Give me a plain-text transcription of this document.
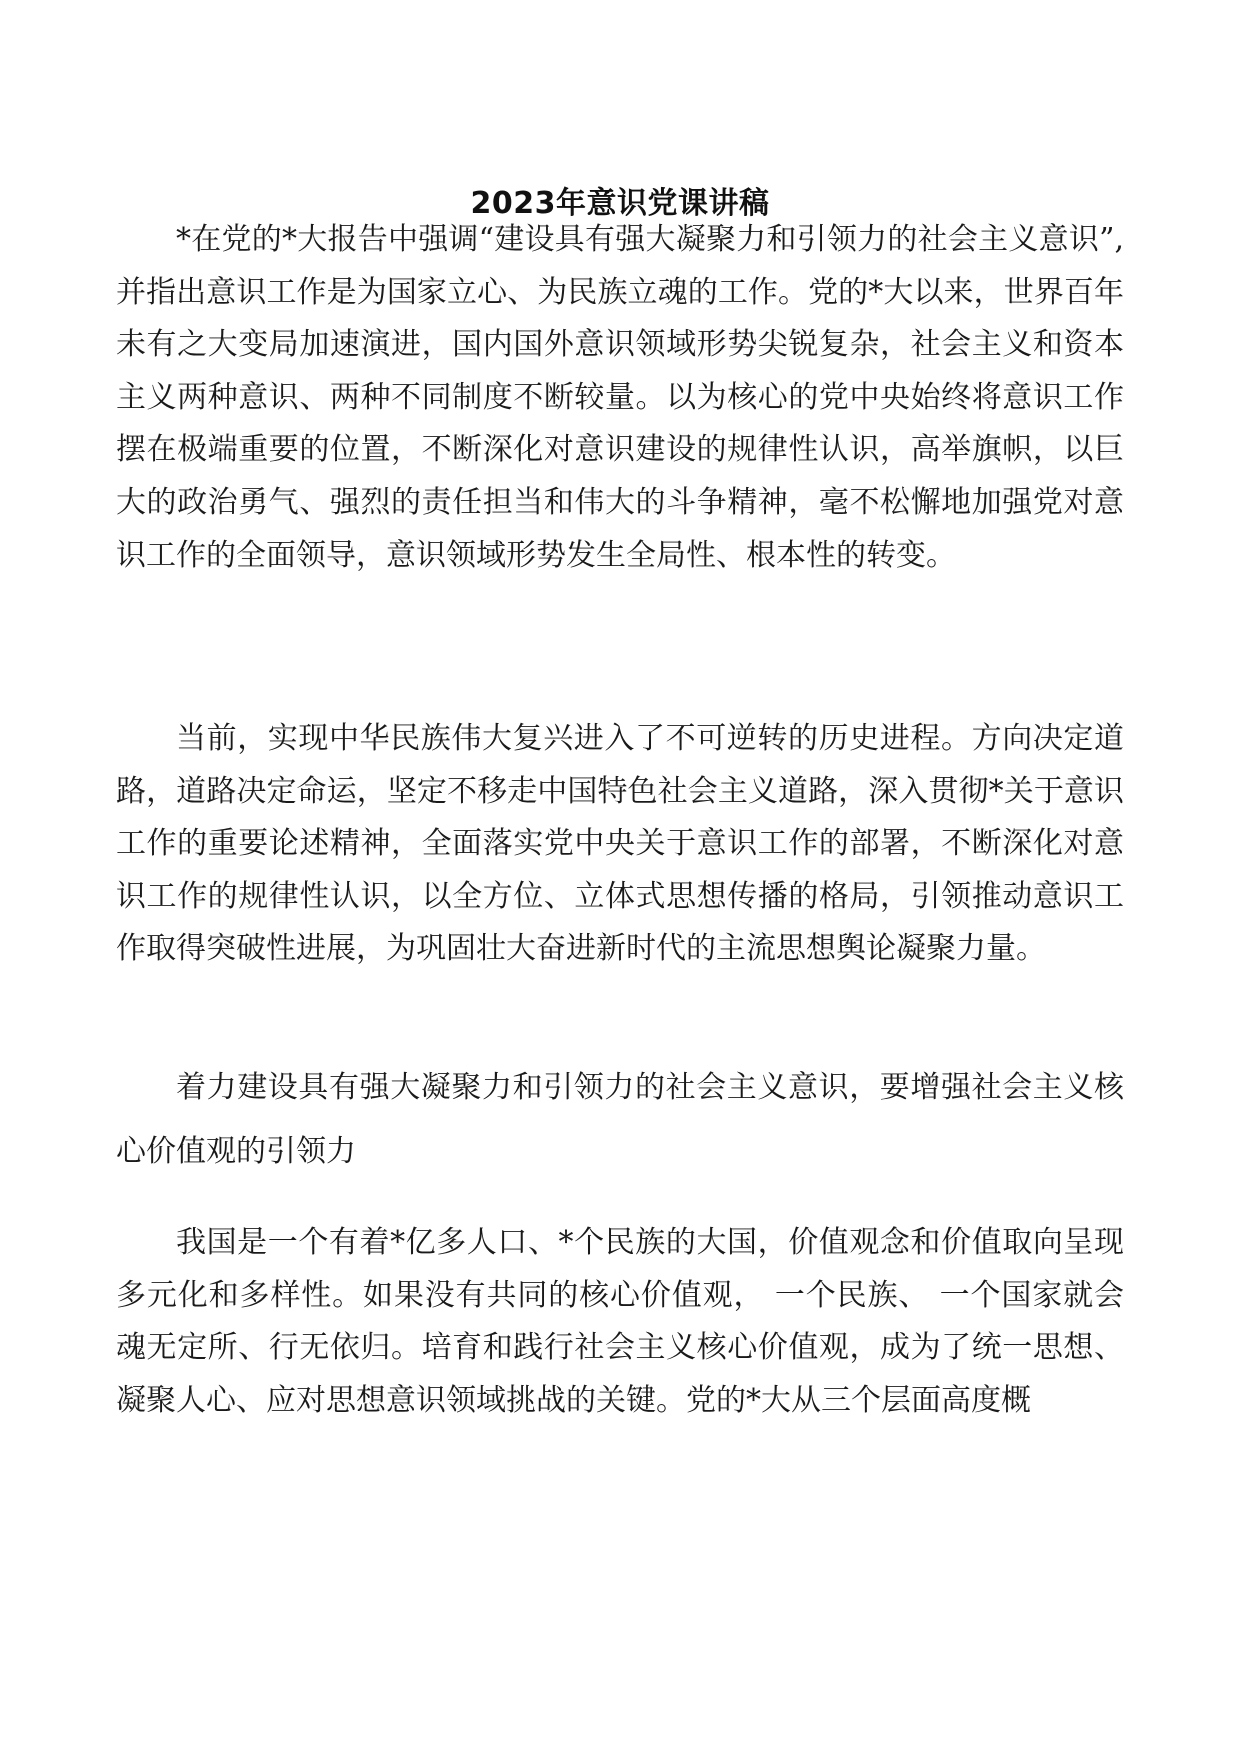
2023年意识党课讲稿

*在党的*大报告中强调“建设具有强大凝聚力和引领力的社会主义意识”,并指出意识工作是为国家立心、为民族立魂的工作。党的*大以来，世界百年未有之大变局加速演进，国内国外意识领域形势尖锐复杂，社会主义和资本主义两种意识、两种不同制度不断较量。以为核心的党中央始终将意识工作摆在极端重要的位置，不断深化对意识建设的规律性认识，高举旗帜，以巨大的政治勇气、强烈的责任担当和伟大的斗争精神，毫不松懈地加强党对意识工作的全面领导，意识领域形势发生全局性、根本性的转变。

当前，实现中华民族伟大复兴进入了不可逆转的历史进程。方向决定道路，道路决定命运，坚定不移走中国特色社会主义道路，深入贯彻*关于意识工作的重要论述精神，全面落实党中央关于意识工作的部署，不断深化对意识工作的规律性认识，以全方位、立体式思想传播的格局，引领推动意识工作取得突破性进展，为巩固壮大奋进新时代的主流思想舆论凝聚力量。

着力建设具有强大凝聚力和引领力的社会主义意识，要增强社会主义核心价值观的引领力

我国是一个有着*亿多人口、*个民族的大国，价值观念和价值取向呈现多元化和多样性。如果没有共同的核心价值观， 一个民族、 一个国家就会魂无定所、行无依归。培育和践行社会主义核心价值观，成为了统一思想、凝聚人心、应对思想意识领域挑战的关键。党的*大从三个层面高度概
